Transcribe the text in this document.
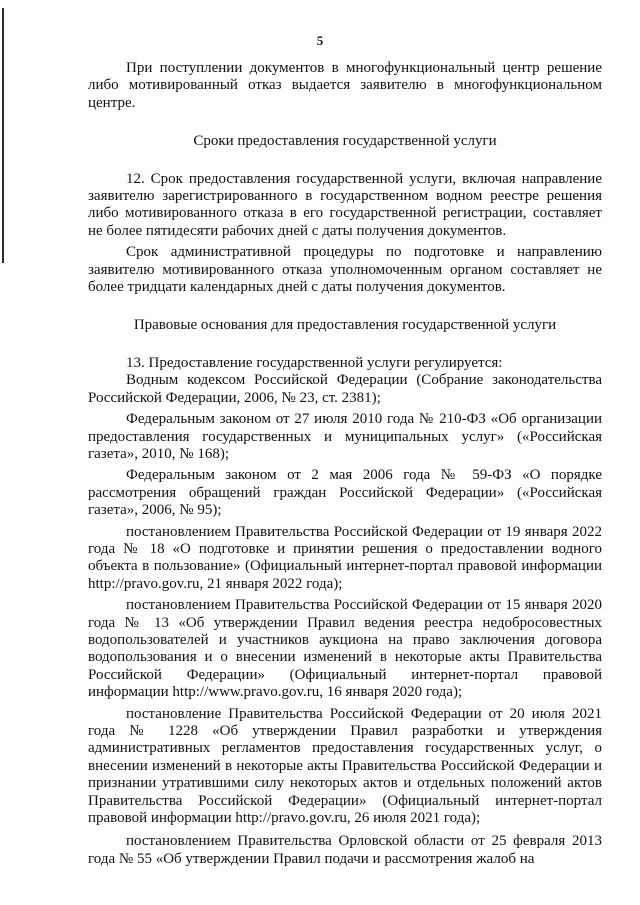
5

При поступлении документов в многофункциональный центр решение либо мотивированный отказ выдается заявителю в многофункциональном центре.

Сроки предоставления государственной услуги

12. Срок предоставления государственной услуги, включая направление заявителю зарегистрированного в государственном водном реестре решения либо мотивированного отказа в его государственной регистрации, составляет не более пятидесяти рабочих дней с даты получения документов.

Срок административной процедуры по подготовке и направлению заявителю мотивированного отказа уполномоченным органом составляет не более тридцати календарных дней с даты получения документов.

Правовые основания для предоставления государственной услуги

13. Предоставление государственной услуги регулируется:

Водным кодексом Российской Федерации (Собрание законодательства Российской Федерации, 2006, № 23, ст. 2381);

Федеральным законом от 27 июля 2010 года № 210-ФЗ «Об организации предоставления государственных и муниципальных услуг» («Российская газета», 2010, № 168);

Федеральным законом от 2 мая 2006 года № 59-ФЗ «О порядке рассмотрения обращений граждан Российской Федерации» («Российская газета», 2006, № 95);

постановлением Правительства Российской Федерации от 19 января 2022 года № 18 «О подготовке и принятии решения о предоставлении водного объекта в пользование» (Официальный интернет-портал правовой информации http://pravo.gov.ru, 21 января 2022 года);

постановлением Правительства Российской Федерации от 15 января 2020 года № 13 «Об утверждении Правил ведения реестра недобросовестных водопользователей и участников аукциона на право заключения договора водопользования и о внесении изменений в некоторые акты Правительства Российской Федерации» (Официальный интернет-портал правовой информации http://www.pravo.gov.ru, 16 января 2020 года);

постановление Правительства Российской Федерации от 20 июля 2021 года № 1228 «Об утверждении Правил разработки и утверждения административных регламентов предоставления государственных услуг, о внесении изменений в некоторые акты Правительства Российской Федерации и признании утратившими силу некоторых актов и отдельных положений актов Правительства Российской Федерации» (Официальный интернет-портал правовой информации http://pravo.gov.ru, 26 июля 2021 года);

постановлением Правительства Орловской области от 25 февраля 2013 года № 55 «Об утверждении Правил подачи и рассмотрения жалоб на
